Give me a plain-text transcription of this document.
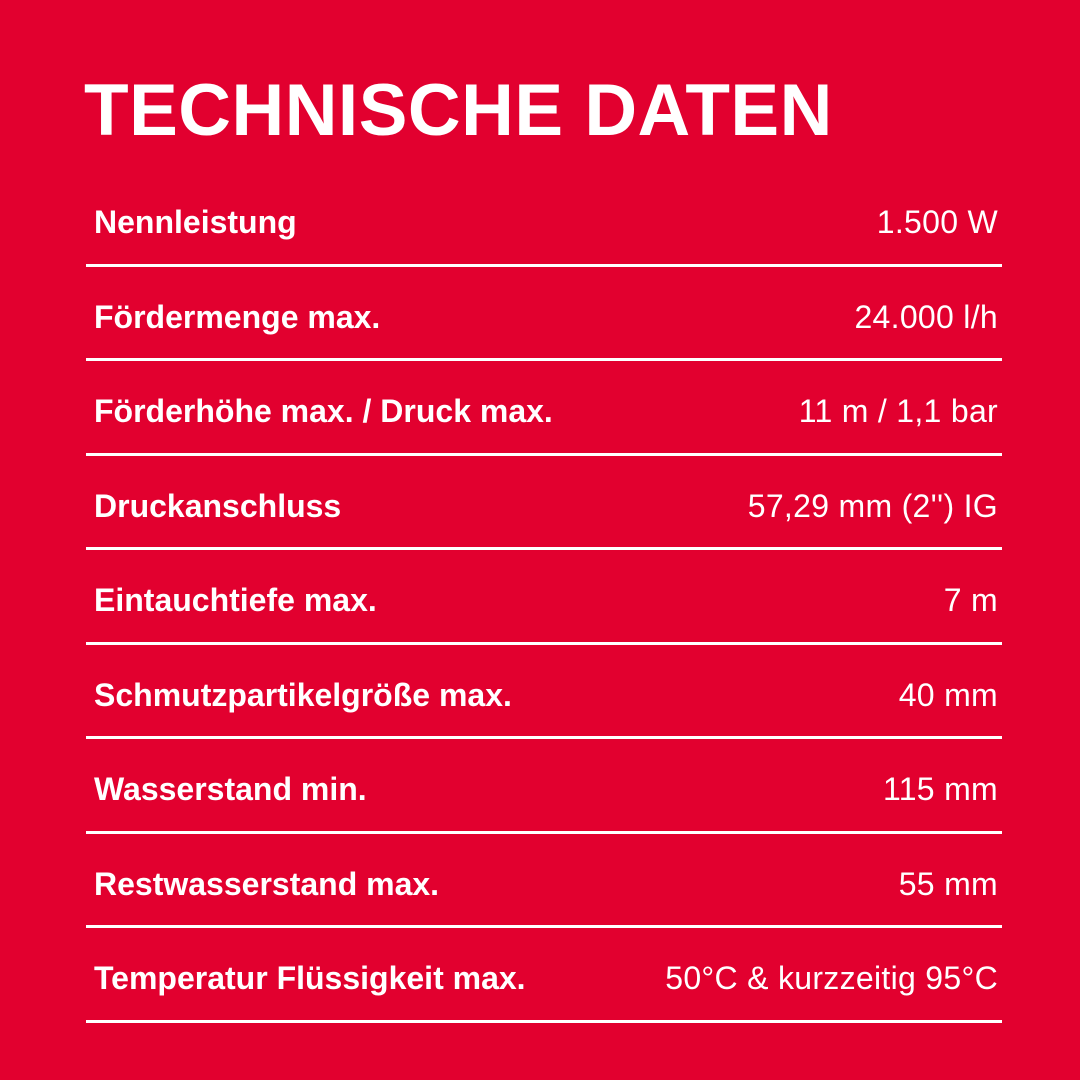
TECHNISCHE DATEN
Nennleistung	1.500 W
Fördermenge max.	24.000 l/h
Förderhöhe max. / Druck max.	11 m / 1,1 bar
Druckanschluss	57,29 mm (2'') IG
Eintauchtiefe max.	7 m
Schmutzpartikelgröße max.	40 mm
Wasserstand min.	115 mm
Restwasserstand max.	55 mm
Temperatur Flüssigkeit max.	50°C & kurzzeitig 95°C
